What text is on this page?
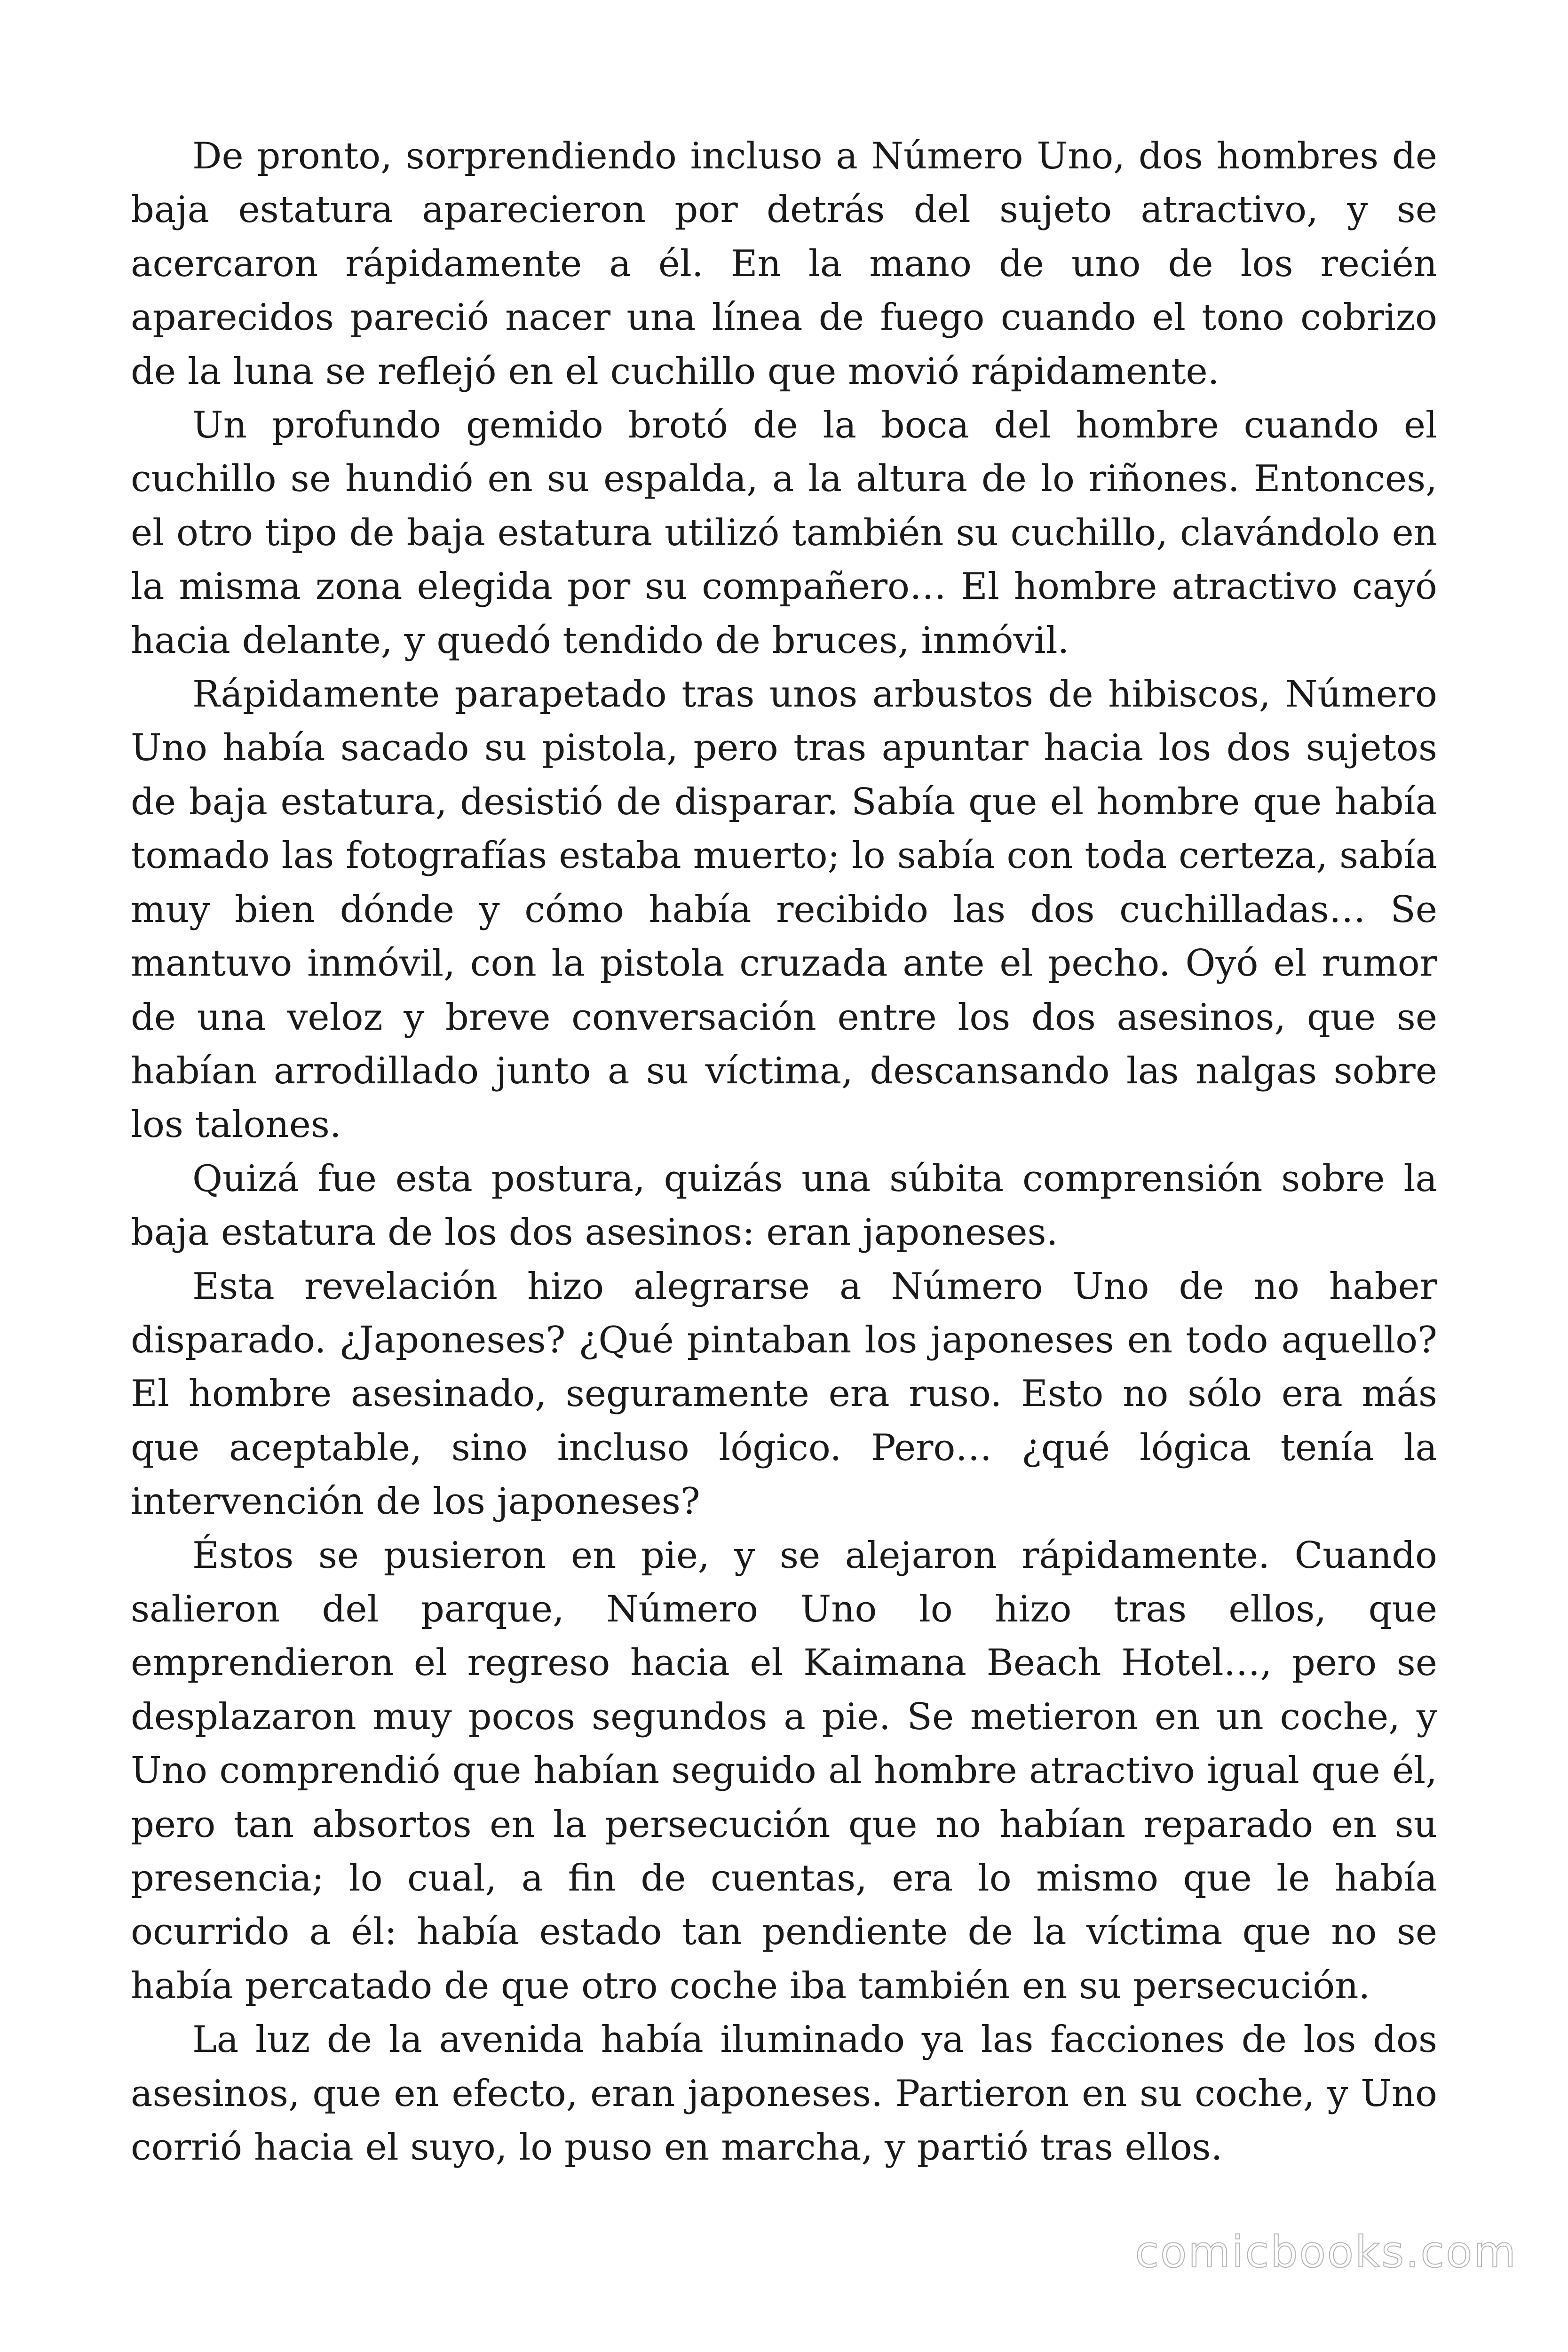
De pronto, sorprendiendo incluso a Número Uno, dos hombres de baja estatura aparecieron por detrás del sujeto atractivo, y se acercaron rápidamente a él. En la mano de uno de los recién aparecidos pareció nacer una línea de fuego cuando el tono cobrizo de la luna se reflejó en el cuchillo que movió rápidamente.

Un profundo gemido brotó de la boca del hombre cuando el cuchillo se hundió en su espalda, a la altura de lo riñones. Entonces, el otro tipo de baja estatura utilizó también su cuchillo, clavándolo en la misma zona elegida por su compañero… El hombre atractivo cayó hacia delante, y quedó tendido de bruces, inmóvil.

Rápidamente parapetado tras unos arbustos de hibiscos, Número Uno había sacado su pistola, pero tras apuntar hacia los dos sujetos de baja estatura, desistió de disparar. Sabía que el hombre que había tomado las fotografías estaba muerto; lo sabía con toda certeza, sabía muy bien dónde y cómo había recibido las dos cuchilladas… Se mantuvo inmóvil, con la pistola cruzada ante el pecho. Oyó el rumor de una veloz y breve conversación entre los dos asesinos, que se habían arrodillado junto a su víctima, descansando las nalgas sobre los talones.

Quizá fue esta postura, quizás una súbita comprensión sobre la baja estatura de los dos asesinos: eran japoneses.

Esta revelación hizo alegrarse a Número Uno de no haber disparado. ¿Japoneses? ¿Qué pintaban los japoneses en todo aquello? El hombre asesinado, seguramente era ruso. Esto no sólo era más que aceptable, sino incluso lógico. Pero… ¿qué lógica tenía la intervención de los japoneses?

Éstos se pusieron en pie, y se alejaron rápidamente. Cuando salieron del parque, Número Uno lo hizo tras ellos, que emprendieron el regreso hacia el Kaimana Beach Hotel…, pero se desplazaron muy pocos segundos a pie. Se metieron en un coche, y Uno comprendió que habían seguido al hombre atractivo igual que él, pero tan absortos en la persecución que no habían reparado en su presencia; lo cual, a fin de cuentas, era lo mismo que le había ocurrido a él: había estado tan pendiente de la víctima que no se había percatado de que otro coche iba también en su persecución.

La luz de la avenida había iluminado ya las facciones de los dos asesinos, que en efecto, eran japoneses. Partieron en su coche, y Uno corrió hacia el suyo, lo puso en marcha, y partió tras ellos.

comicbooks.com
